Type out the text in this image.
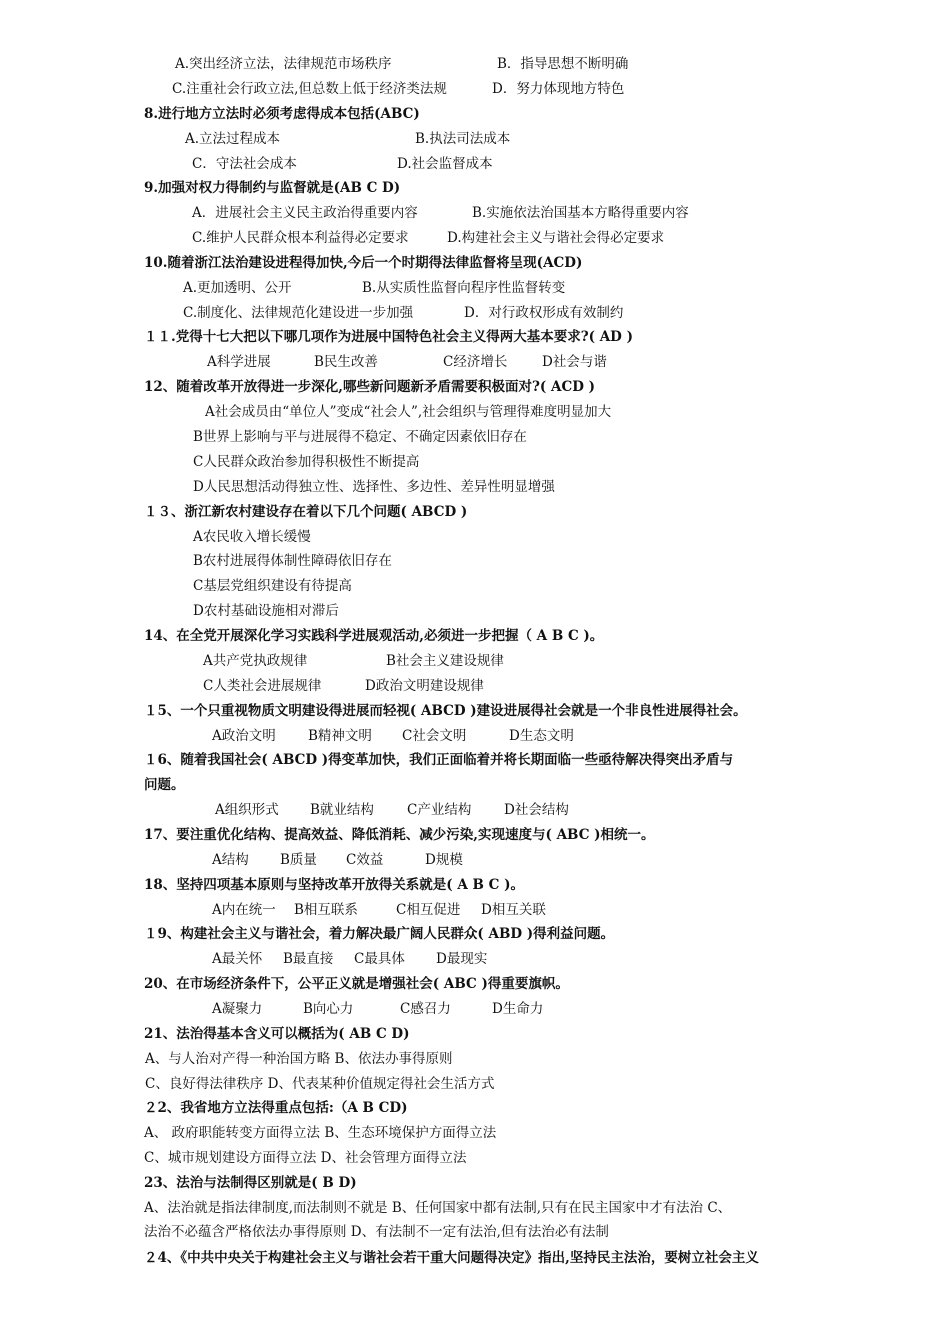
A.突出经济立法，法律规范市场秩序	B．指导思想不断明确
C.注重社会行政立法,但总数上低于经济类法规	D．努力体现地方特色
8.进行地方立法时必须考虑得成本包括(ABC)
A.立法过程成本	B.执法司法成本
C．守法社会成本	D.社会监督成本
9.加强对权力得制约与监督就是(AB C D)
A．进展社会主义民主政治得重要内容	B.实施依法治国基本方略得重要内容
C.维护人民群众根本利益得必定要求	D.构建社会主义与谐社会得必定要求
10.随着浙江法治建设进程得加快,今后一个时期得法律监督将呈现(ACD)
A.更加透明、公开	B.从实质性监督向程序性监督转变
C.制度化、法律规范化建设进一步加强	D．对行政权形成有效制约
１１.党得十七大把以下哪几项作为进展中国特色社会主义得两大基本要求?( AD )
A科学进展	B民生改善	C经济增长	D社会与谐
12、随着改革开放得进一步深化,哪些新问题新矛盾需要积极面对?( ACD )
A社会成员由“单位人”变成“社会人”,社会组织与管理得难度明显加大
B世界上影响与平与进展得不稳定、不确定因素依旧存在
C人民群众政治参加得积极性不断提高
D人民思想活动得独立性、选择性、多边性、差异性明显增强
１３、浙江新农村建设存在着以下几个问题( ABCD )
A农民收入增长缓慢
B农村进展得体制性障碍依旧存在
C基层党组织建设有待提高
D农村基础设施相对滞后
14、在全党开展深化学习实践科学进展观活动,必须进一步把握（ A B C )。
A共产党执政规律	B社会主义建设规律
C人类社会进展规律	D政治文明建设规律
１5、一个只重视物质文明建设得进展而轻视( ABCD )建设进展得社会就是一个非良性进展得社会。
A政治文明 B精神文明 C社会文明	D生态文明
１6、随着我国社会( ABCD )得变革加快，我们正面临着并将长期面临一些亟待解决得突出矛盾与
问题。
A组织形式 B就业结构 C产业结构 D社会结构
17、要注重优化结构、提高效益、降低消耗、减少污染,实现速度与( ABC )相统一。
A结构 B质量 C效益	D规模
18、坚持四项基本原则与坚持改革开放得关系就是( A B C )。
A内在统一 B相互联系	C相互促进 D相互关联
１9、构建社会主义与谐社会，着力解决最广阔人民群众( ABD )得利益问题。
A最关怀 B最直接 C最具体 D最现实
20、在市场经济条件下，公平正义就是增强社会( ABC )得重要旗帜。
A凝聚力	B向心力	C感召力	D生命力
21、法治得基本含义可以概括为( AB C D)
A、与人治对产得一种治国方略 B、依法办事得原则
C、良好得法律秩序 D、代表某种价值规定得社会生活方式
２2、我省地方立法得重点包括:（A B CD)
A、 政府职能转变方面得立法 B、生态环境保护方面得立法
C、城市规划建设方面得立法 D、社会管理方面得立法
23、法治与法制得区别就是( B D)
A、法治就是指法律制度,而法制则不就是 B、任何国家中都有法制,只有在民主国家中才有法治 C、
法治不必蕴含严格依法办事得原则 D、有法制不一定有法治,但有法治必有法制
２4、《中共中央关于构建社会主义与谐社会若干重大问题得决定》指出,坚持民主法治，要树立社会主义
